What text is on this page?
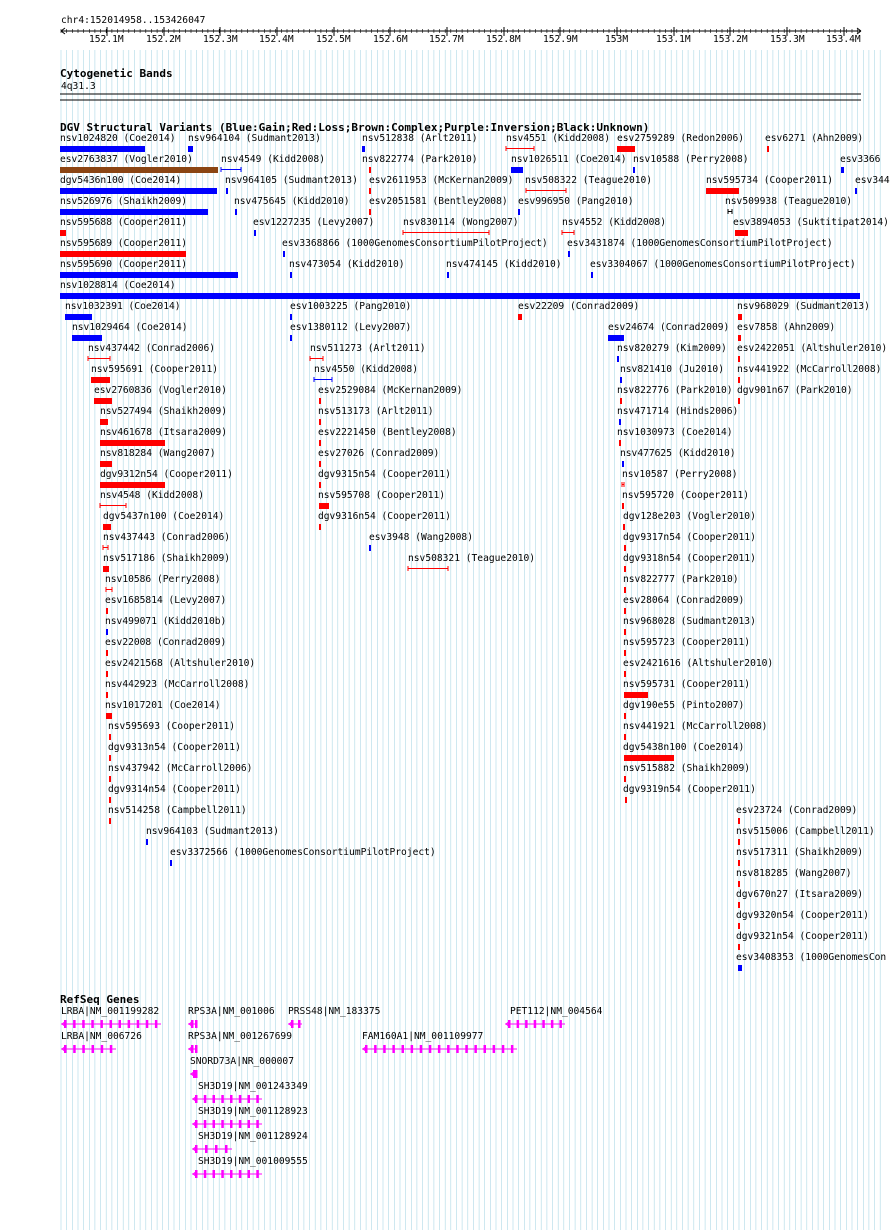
chr4:152014958..153426047
152.1M 152.2M 152.3M 152.4M 152.5M 152.6M 152.7M 152.8M 152.9M	153M	153.1M 153.2M 153.3M 153.4M
Cytogenetic Bands
4q31.3
DGV Structural Variants (Blue:Gain;Red:Loss;Brown:Complex;Purple:Inversion;Black:Unknown)
RefSeq Genes
nsv1024820 (Coe2014) nsv964104 (Sudmant2013)	nsv512838 (Arlt2011)	nsv4551 (Kidd2008) esv2759289 (Redon2006) esv6271 (Ahn2009)
esv2763837 (Vogler2010)	nsv4549 (Kidd2008)	nsv822774 (Park2010)	nsv1026511 (Coe2014) nsv10588 (Perry2008)	esv3366
dgv5436n100 (Coe2014)	nsv964105 (Sudmant2013) esv2611953 (McKernan2009) nsv508322 (Teague2010)	nsv595734 (Cooper2011) esv344
nsv526976 (Shaikh2009)	nsv475645 (Kidd2010) esv2051581 (Bentley2008) esv996950 (Pang2010)	nsv509938 (Teague2010)
nsv595688 (Cooper2011)	esv1227235 (Levy2007)	nsv830114 (Wong2007)	nsv4552 (Kidd2008)	esv3894053 (Suktitipat2014)
nsv595689 (Cooper2011)	esv3368866 (1000GenomesConsortiumPilotProject) esv3431874 (1000GenomesConsortiumPilotProject)
nsv595690 (Cooper2011)	nsv473054 (Kidd2010)	nsv474145 (Kidd2010)	esv3304067 (1000GenomesConsortiumPilotProject)
nsv1028814 (Coe2014)
nsv1032391 (Coe2014)	esv1003225 (Pang2010)	esv22209 (Conrad2009)	nsv968029 (Sudmant2013)
nsv1029464 (Coe2014)	esv1380112 (Levy2007)	esv24674 (Conrad2009) esv7858 (Ahn2009)
nsv437442 (Conrad2006)	nsv511273 (Arlt2011)	nsv820279 (Kim2009) esv2422051 (Altshuler2010)
nsv595691 (Cooper2011)	nsv4550 (Kidd2008)	nsv821410 (Ju2010) nsv441922 (McCarroll2008)
esv2760836 (Vogler2010)	esv2529084 (McKernan2009)	nsv822776 (Park2010) dgv901n67 (Park2010)
nsv527494 (Shaikh2009)	nsv513173 (Arlt2011)	nsv471714 (Hinds2006)
nsv461678 (Itsara2009)	esv2221450 (Bentley2008)	nsv1030973 (Coe2014)
nsv818284 (Wang2007)	esv27026 (Conrad2009)	nsv477625 (Kidd2010)
dgv9312n54 (Cooper2011)	dgv9315n54 (Cooper2011)	nsv10587 (Perry2008)
nsv4548 (Kidd2008)	nsv595708 (Cooper2011)	nsv595720 (Cooper2011)
dgv5437n100 (Coe2014)	dgv9316n54 (Cooper2011)	dgv128e203 (Vogler2010)
nsv437443 (Conrad2006)	esv3948 (Wang2008)	dgv9317n54 (Cooper2011)
nsv517186 (Shaikh2009)	nsv508321 (Teague2010)	dgv9318n54 (Cooper2011)
nsv10586 (Perry2008)	nsv822777 (Park2010)
esv1685814 (Levy2007)	esv28064 (Conrad2009)
nsv499071 (Kidd2010b)	nsv968028 (Sudmant2013)
esv22008 (Conrad2009)	nsv595723 (Cooper2011)
esv2421568 (Altshuler2010)	esv2421616 (Altshuler2010)
nsv442923 (McCarroll2008)	nsv595731 (Cooper2011)
nsv1017201 (Coe2014)	dgv190e55 (Pinto2007)
nsv595693 (Cooper2011)	nsv441921 (McCarroll2008)
dgv9313n54 (Cooper2011)	dgv5438n100 (Coe2014)
nsv437942 (McCarroll2006)	nsv515882 (Shaikh2009)
dgv9314n54 (Cooper2011)	dgv9319n54 (Cooper2011)
nsv514258 (Campbell2011)	esv23724 (Conrad2009)
nsv964103 (Sudmant2013)	nsv515006 (Campbell2011)
esv3372566 (1000GenomesConsortiumPilotProject)	nsv517311 (Shaikh2009)
nsv818285 (Wang2007)
dgv670n27 (Itsara2009)
dgv9320n54 (Cooper2011)
dgv9321n54 (Cooper2011)
esv3408353 (1000GenomesCon
LRBA|NM_001199282	RPS3A|NM_001006 PRSS48|NM_183375	PET112|NM_004564
LRBA|NM_006726	RPS3A|NM_001267699	FAM160A1|NM_001109977
SNORD73A|NR_000007
SH3D19|NM_001243349
SH3D19|NM_001128923
SH3D19|NM_001128924
SH3D19|NM_001009555
